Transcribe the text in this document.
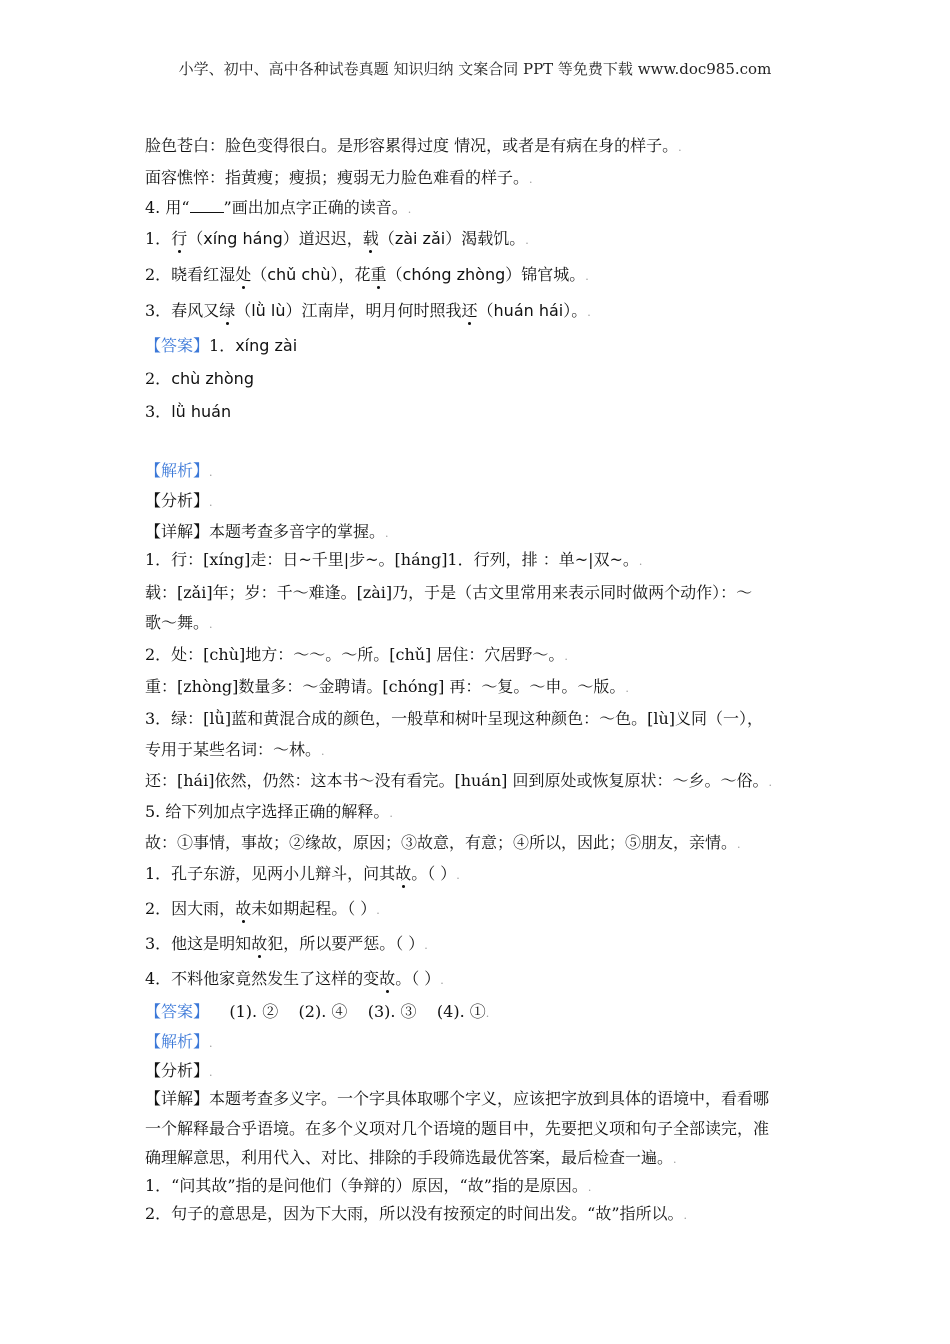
小学、初中、高中各种试卷真题 知识归纳 文案合同 PPT 等免费下载 www.doc985.com
脸色苍白：脸色变得很白。是形容累得过度 情况，或者是有病在身的样子。.
面容憔悴：指黄瘦；瘦损；瘦弱无力脸色难看的样子。.
4. 用“ ”画出加点字正确的读音。.
1．行（xíng háng）道迟迟，载（zài zǎi）渴载饥。.
2．晓看红湿处（chǔ chù），花重（chóng zhòng）锦官城。.
3．春风又绿（lǜ lù）江南岸，明月何时照我还（huán hái）。.
【答案】1．xíng zài
2．chù zhòng
3．lǜ huán
【解析】.
【分析】.
【详解】本题考查多音字的掌握。.
1．行：[xíng]走：日~千里|步~。[háng]1．行列，排 ：单~|双~。.
载：[zǎi]年；岁：千～难逢。[zài]乃，于是（古文里常用来表示同时做两个动作）：～
歌～舞。.
2．处：[chù]地方：～～。～所。[chǔ] 居住：穴居野～。.
重：[zhòng]数量多：～金聘请。[chóng] 再：～复。～申。～版。.
3．绿：[lǜ]蓝和黄混合成的颜色，一般草和树叶呈现这种颜色：～色。[lù]义同（一），
专用于某些名词：～林。.
还：[hái]依然，仍然：这本书～没有看完。[huán] 回到原处或恢复原状：～乡。～俗。.
5. 给下列加点字选择正确的解释。.
故：①事情，事故；②缘故，原因；③故意，有意；④所以，因此；⑤朋友，亲情。.
1．孔子东游，见两小儿辩斗，问其故。（ ）.
2．因大雨，故未如期起程。（ ）.
3．他这是明知故犯，所以要严惩。（ ）.
4．不料他家竟然发生了这样的变故。（ ）.
【答案】    (1). ②    (2). ④    (3). ③    (4). ①.
【解析】.
【分析】.
【详解】本题考查多义字。一个字具体取哪个字义，应该把字放到具体的语境中，看看哪
一个解释最合乎语境。在多个义项对几个语境的题目中，先要把义项和句子全部读完，准
确理解意思，利用代入、对比、排除的手段筛选最优答案，最后检查一遍。.
1．“问其故”指的是问他们（争辩的）原因，“故”指的是原因。.
2．句子的意思是，因为下大雨，所以没有按预定的时间出发。“故”指所以。.
